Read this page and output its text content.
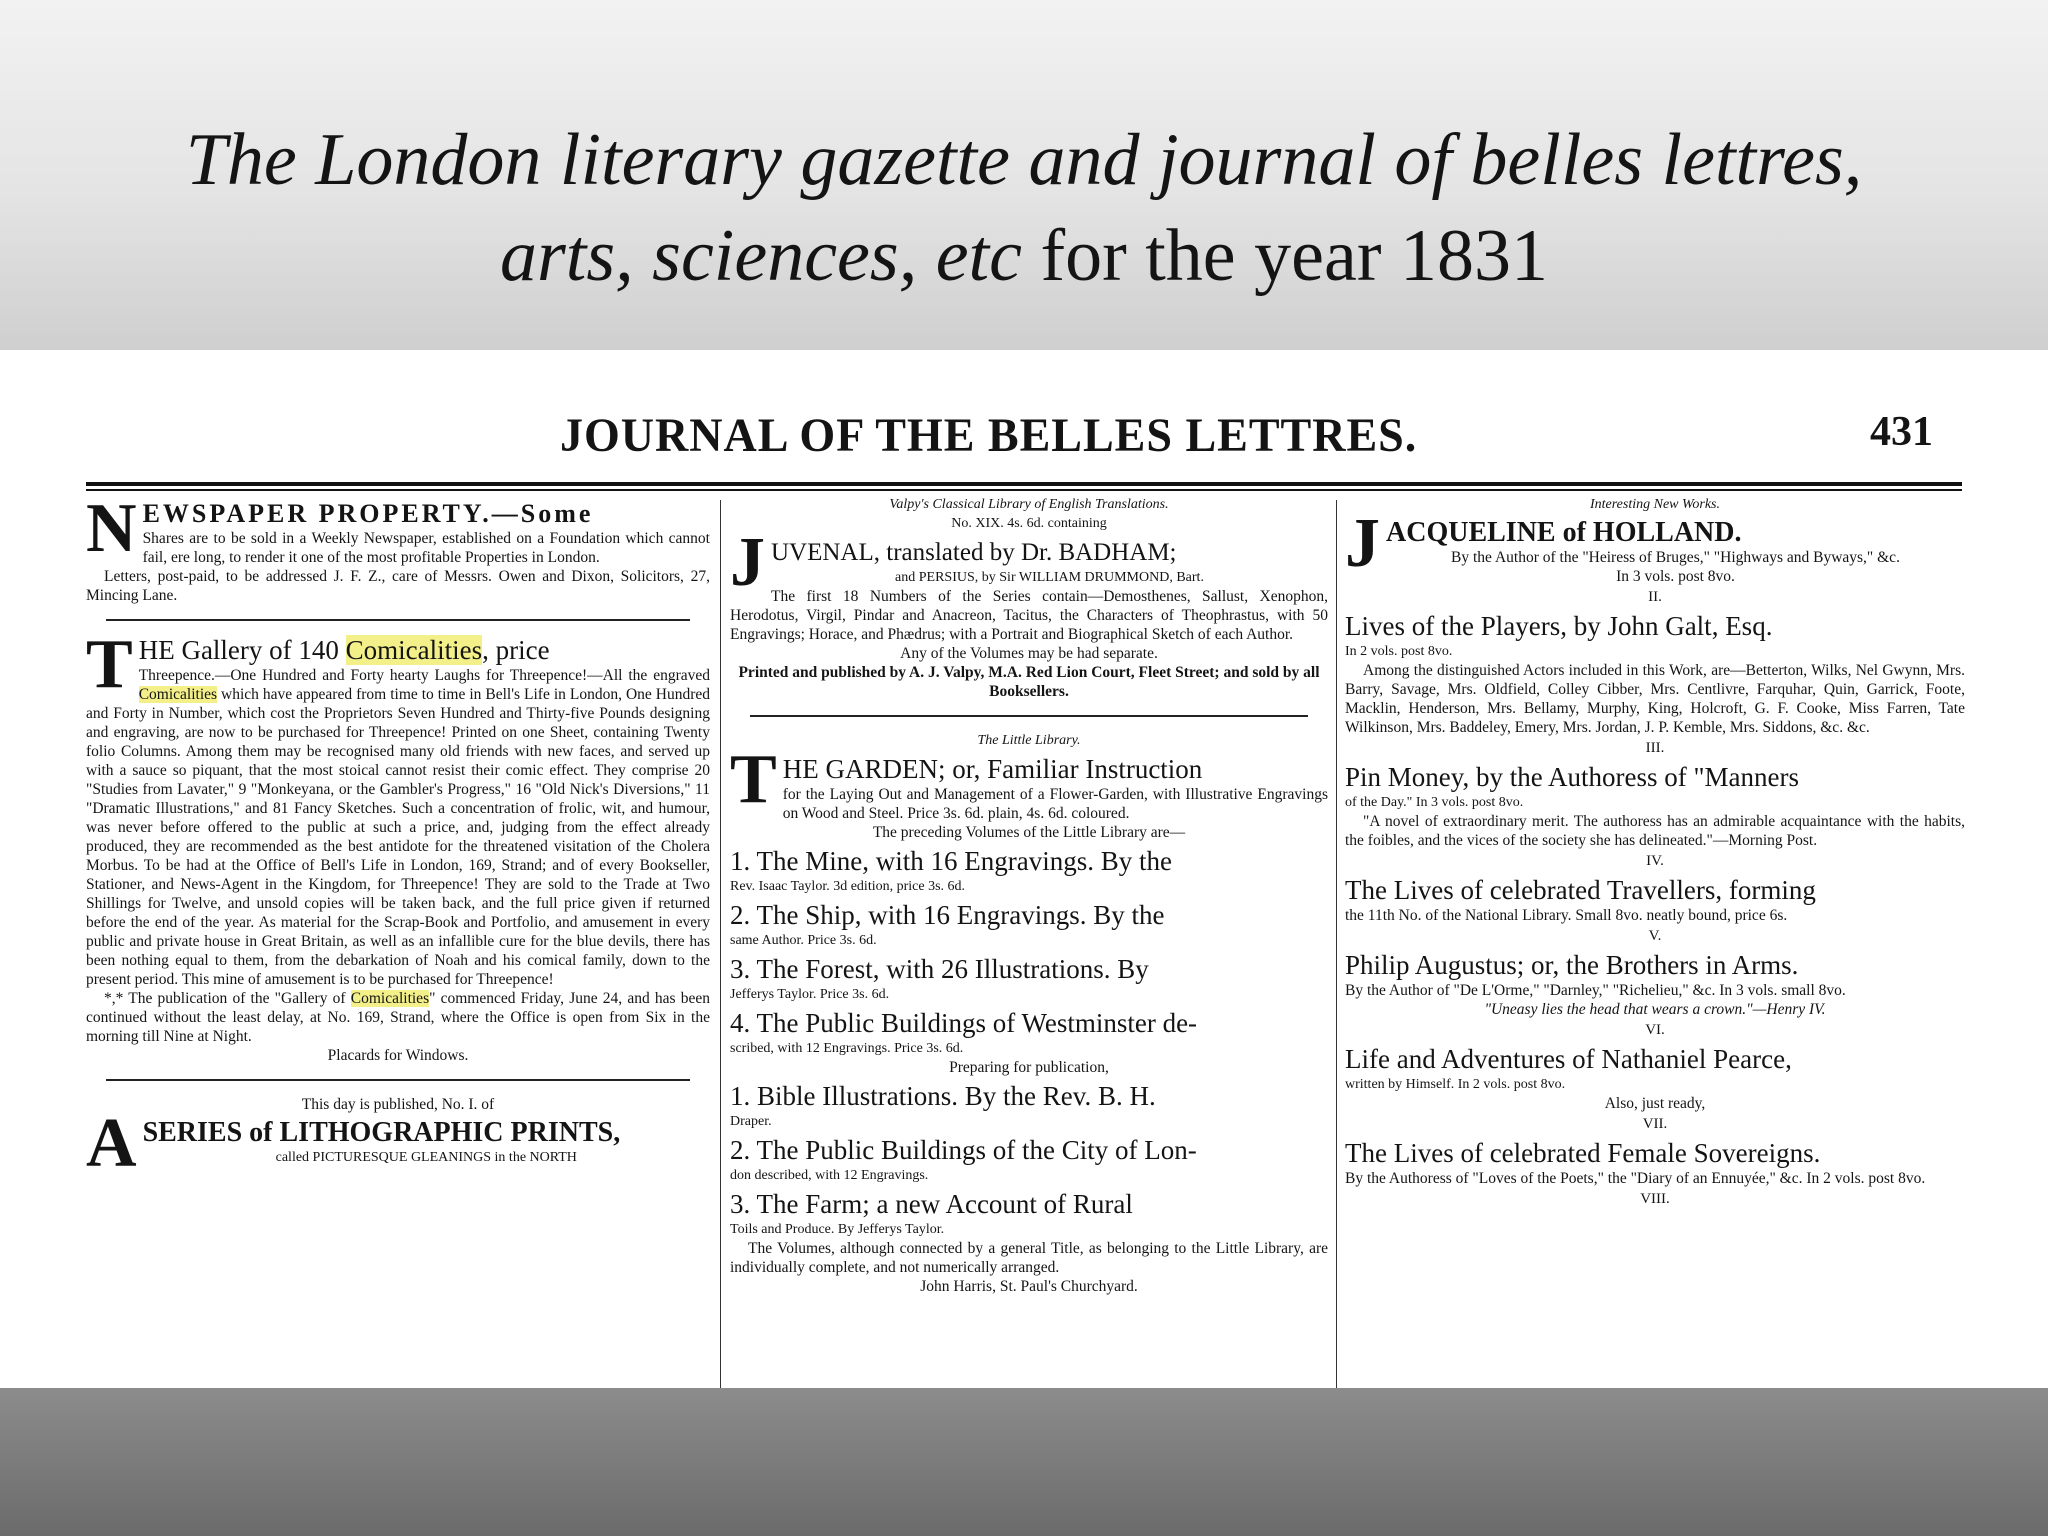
The London literary gazette and journal of belles lettres,
arts, sciences, etc for the year 1831
JOURNAL OF THE BELLES LETTRES.	431
N EWSPAPER PROPERTY.—Some

Shares are to be sold in a Weekly Newspaper, established on a Foundation which cannot fail, ere long, to render it one of the most profitable Properties in London.

Letters, post-paid, to be addressed J. F. Z., care of Messrs. Owen and Dixon, Solicitors, 27, Mincing Lane.

T HE Gallery of 140 Comicalities, price

Threepence.—One Hundred and Forty hearty Laughs for Threepence!—All the engraved Comicalities which have appeared from time to time in Bell's Life in London, One Hundred and Forty in Number, which cost the Proprietors Seven Hundred and Thirty-five Pounds designing and engraving, are now to be purchased for Threepence! Printed on one Sheet, containing Twenty folio Columns. Among them may be recognised many old friends with new faces, and served up with a sauce so piquant, that the most stoical cannot resist their comic effect. They comprise 20 "Studies from Lavater," 9 "Monkeyana, or the Gambler's Progress," 16 "Old Nick's Diversions," 11 "Dramatic Illustrations," and 81 Fancy Sketches. Such a concentration of frolic, wit, and humour, was never before offered to the public at such a price, and, judging from the effect already produced, they are recommended as the best antidote for the threatened visitation of the Cholera Morbus. To be had at the Office of Bell's Life in London, 169, Strand; and of every Bookseller, Stationer, and News-Agent in the Kingdom, for Threepence! They are sold to the Trade at Two Shillings for Twelve, and unsold copies will be taken back, and the full price given if returned before the end of the year. As material for the Scrap-Book and Portfolio, and amusement in every public and private house in Great Britain, as well as an infallible cure for the blue devils, there has been nothing equal to them, from the debarkation of Noah and his comical family, down to the present period. This mine of amusement is to be purchased for Threepence!

*,* The publication of the "Gallery of Comicalities" commenced Friday, June 24, and has been continued without the least delay, at No. 169, Strand, where the Office is open from Six in the morning till Nine at Night.

Placards for Windows.
This day is published, No. I. of
A SERIES of LITHOGRAPHIC PRINTS,
called PICTURESQUE GLEANINGS in the NORTH
Valpy's Classical Library of English Translations.
No. XIX. 4s. 6d. containing
J UVENAL, translated by Dr. BADHAM;
and PERSIUS, by Sir WILLIAM DRUMMOND, Bart.

The first 18 Numbers of the Series contain—Demosthenes, Sallust, Xenophon, Herodotus, Virgil, Pindar and Anacreon, Tacitus, the Characters of Theophrastus, with 50 Engravings; Horace, and Phædrus; with a Portrait and Biographical Sketch of each Author.

Any of the Volumes may be had separate.
Printed and published by A. J. Valpy, M.A. Red Lion Court, Fleet Street; and sold by all Booksellers.
The Little Library.
T HE GARDEN; or, Familiar Instruction

for the Laying Out and Management of a Flower-Garden, with Illustrative Engravings on Wood and Steel. Price 3s. 6d. plain, 4s. 6d. coloured.

The preceding Volumes of the Little Library are—
1. The Mine, with 16 Engravings. By the
Rev. Isaac Taylor. 3d edition, price 3s. 6d.
2. The Ship, with 16 Engravings. By the
same Author. Price 3s. 6d.
3. The Forest, with 26 Illustrations. By
Jefferys Taylor. Price 3s. 6d.
4. The Public Buildings of Westminster de-
scribed, with 12 Engravings. Price 3s. 6d.
Preparing for publication,
1. Bible Illustrations. By the Rev. B. H.
Draper.
2. The Public Buildings of the City of Lon-
don described, with 12 Engravings.
3. The Farm; a new Account of Rural
Toils and Produce. By Jefferys Taylor.

The Volumes, although connected by a general Title, as belonging to the Little Library, are individually complete, and not numerically arranged.

John Harris, St. Paul's Churchyard.
Interesting New Works.
J ACQUELINE of HOLLAND.
By the Author of the "Heiress of Bruges," "Highways and Byways," &c.
In 3 vols. post 8vo.
II.
Lives of the Players, by John Galt, Esq.
In 2 vols. post 8vo.

Among the distinguished Actors included in this Work, are—Betterton, Wilks, Nel Gwynn, Mrs. Barry, Savage, Mrs. Oldfield, Colley Cibber, Mrs. Centlivre, Farquhar, Quin, Garrick, Foote, Macklin, Henderson, Mrs. Bellamy, Murphy, King, Holcroft, G. F. Cooke, Miss Farren, Tate Wilkinson, Mrs. Baddeley, Emery, Mrs. Jordan, J. P. Kemble, Mrs. Siddons, &c. &c.

III.
Pin Money, by the Authoress of "Manners
of the Day." In 3 vols. post 8vo.

"A novel of extraordinary merit. The authoress has an admirable acquaintance with the habits, the foibles, and the vices of the society she has delineated."—Morning Post.

IV.
The Lives of celebrated Travellers, forming

the 11th No. of the National Library. Small 8vo. neatly bound, price 6s.

V.
Philip Augustus; or, the Brothers in Arms.

By the Author of "De L'Orme," "Darnley," "Richelieu," &c. In 3 vols. small 8vo.

"Uneasy lies the head that wears a crown."—Henry IV.
VI.
Life and Adventures of Nathaniel Pearce,
written by Himself. In 2 vols. post 8vo.
Also, just ready,
VII.
The Lives of celebrated Female Sovereigns.

By the Authoress of "Loves of the Poets," the "Diary of an Ennuyée," &c. In 2 vols. post 8vo.

VIII.
